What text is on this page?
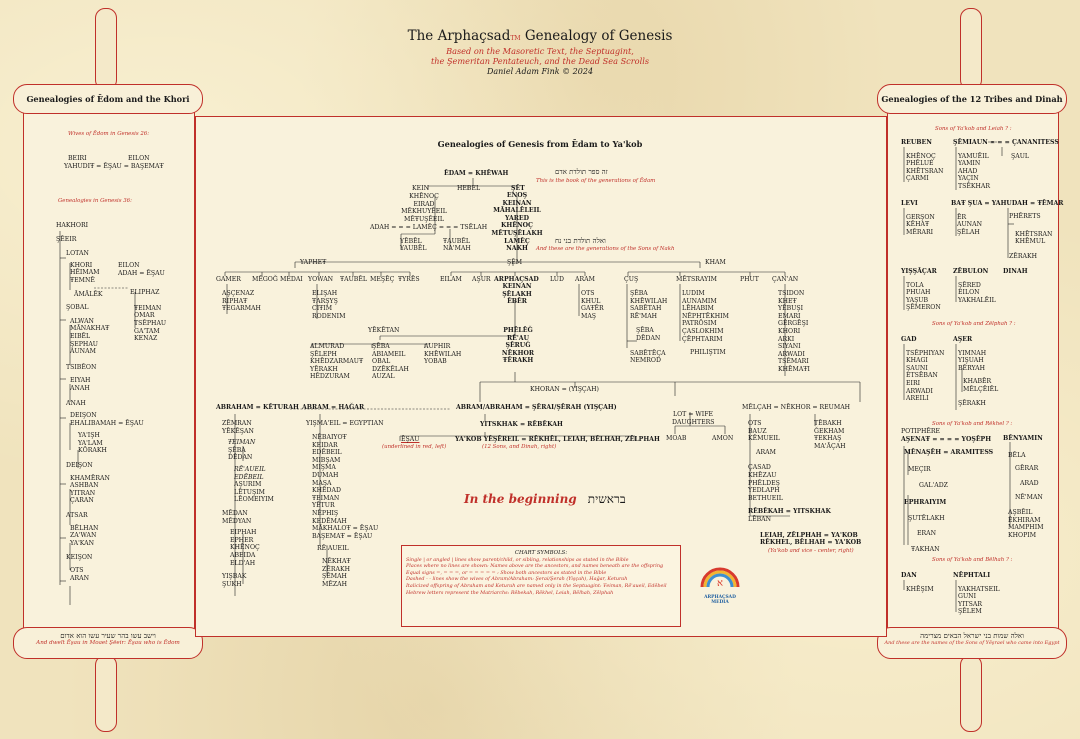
The ArphaçsadTM Genealogy of Genesis
Based on the Masoretic Text, the Septuagint,
the Şemeritan Pentateuch, and the Dead Sea Scrolls
Daniel Adam Fink © 2024
Genealogies of Ēdom and the Khori
וישב עשו בהר שעיר עשו הוא אדום
And dwelt Ēşau in Moaet Şēeir: Ēşau who is Ēdom
Wives of Ēdom in Genesis 26:
BEIRI	EILON
YAHUDIŦ = ĒŞAU = BAŞEMAŦ
Genealogies in Genesis 36:
HAKHORI
ŞĒEIR
LOTAN
KHORI
HĒIMAM
ŦEMNĒ
ĀMĀLĒK
ŞOBAL
ALWAN
MĀNAKHAŦ
EIBĒL
ŞEPHAU
AUNAM
TSIBĒON
EIYAH
ANAH
ANAH
DEIŞON
EHALIBAMAH = ĒŞAU
YA'IŞH
YA'LAM
KŌRAKH
DEIŞON
KHAMĒRAN
ASHBAN
YITRAN
ÇARAN
ATSAR
BĒLHAN
ZA'WAN
YA'KAN
KEIŞON
OTS
ARAN
EILON
ADAH = ĒŞAU
ELIPHAZ
ŦEIMAN
OMAR
TSĒPHAU
GA'TAM
KENAZ
Genealogies of the 12 Tribes and Dinah
ואלה שמות בני ישראל הבאים מצרימה
And these are the names of the Sons of Yēşrael who came into Egypt
Sons of Ya'kob and Leiah ? :
REUBEN
KHĒNOÇ
PHĒLUÉ
KHĒTSRAN
ÇARMI
ŞĒMIAUN = = = ÇANANITESS
YAMUĒIL
YAMIN
AHAD
YAÇIN
TSĒKHAR
ŞAUL
LEVI
GERŞON
KĒHAŦ
MĒRARI
BAŦ ŞUA = YAHUDAH = ŦĒMAR
ĒR
AUNAN
ŞĒLAH
PHĒRETS
KHĒTSRAN
KHĒMUL
ZĒRAKH
YIŞŞĀÇAR
TOLA
PHUAH
YAŞUB
ŞĒMERON
ZĒBULON
ŞĒRED
EILON
YAKHALĒIL
DINAH
Sons of Ya'kob and Zēlphah ? :
GAD
TSĒPHIYAN
KHAGI
ŞAUNI
ETSĒBAN
EIRI
ARWADI
AREILI
AŞER
YIMNAH
YIŞUAH
BĒRYAH
KHABĒR
MĒLÇĒIĒL
ŞĒRAKH
Sons of Ya'kob and Rēkhel ? :
POTIPHĒRE
AŞENAŦ = = = = YOŞĒPH
MĒNAŞĒH = ARAMITESS
MEÇIR
GAL'ADZ
EPHRAIYIM
ŞUTĒLAKH
ERAN
ŦAKHAN
BĒNYAMIN
BĒLA
GĒRAR
ARAD
NĒ'MAN
AŞBĒIL
ĒKHIRAM
MAMPHIM
KHOPIM
Sons of Ya'kob and Bēlhah ? :
DAN
KHĒŞIM
NĒPHTALI
YAKHATSEIL
GUNI
YITSAR
ŞĒLEM
Genealogies of Genesis from Ēdam to Ya'kob
ĒDAM = KHĒWAH	זה ספר תולדת אדם
This is the book of the generations of Ēdam
KEIN	HEBEL	ŞĒT
KHĒNOÇ
EIRAD
MĒKHUYĒEIL
MĒŦUŞĒEIL
ADAH = = = LAMĒÇ = = = TSĒLAH
YĒBĒL
YAUBĒL
ŦAUBĒL
NA'MAH
ENOŞ
KEINAN
MĀHALĒLEIL
YARED
KHĒNOÇ
MĒTUŞĒLAKH
LAMĒÇ
NAKH
ואלה תולדת בני נח
And these are the generations of the Sons of Nakh
YAPHEŦ	ŞĒM	KHAM
GAMER MĒGOĞ MEDAI YOWAN ŦAUBĒL MEŞĒÇ ŦYRĒS
AŞÇENAZ
RIPHAŦ
ŦEGARMAH
ELIŞAH
ŦARŞYŞ
CIŦIM
RODENIM
EILAM AŞUR ARPHAÇSAD LUD ARAM
KEINAN
ŞĒLAKH
ĒBĒR
OTS
KHUL
GAŦĒR
MAŞ
ÇUŞ	MĒTSRAYIM	PHUT ÇAN'AN
ŞĒBA
KHĒWILAH
SABĒTAH
RĒ'MAH
ŞĒBA
DĒDAN
SABĒTĒÇA
NEMROD
LUDIM
AUNAMIM
LĒHABIM
NĒPHTĒKHIM
PATRŌSIM
ÇASLOKHIM
ÇĒPHTARIM
PHILIŞTIM
TSIDON
KHEŦ
YĒBUŞI
EMARI
GĒRGĒŞI
KHORI
ARKI
SIYANI
ARWADI
TSĒMARI
KHĒMAŦI
YĒKĒTAN
ALMURAD
ŞĒLEPH
KHĒDZARMAUŦ
YĒRAKH
HĒDZURAM
ŞĒBA
ABIAMEIL
OBAL
DZĒKĒLAH
AUZAL
AUPHIR
KHĒWILAH
YOBAB
PHĒLĒĞ
RĒ'AU
ŞĒRUĞ
NĒKHOR
ŦĒRAKH
KHORAN = (YIŞÇAH)
ABRAHAM = KĒTURAH ABRAM = HAĞAR	ABRAM/ABRAHAM = ŞĒRAI/ŞĒRAH (YIŞÇAH)	MĒLÇAH = NĒKHOR = REUMAH
ZĒMRAN
YĒKĒŞAN
ŦEIMAN
ŞĒBA
DĒDAN
RĒ'AUEIL
EDĒBEIL
AŞURIM
LĒTUŞIM
LĒOMEIYIM
MĒDAN
MĒDYAN
EIPHAH
EPHER
KHĒNOÇ
ABEIDA
ELD'AH
YIŞBAK
ŞUKH
YIŞMA'EIL = EGYPTIAN
NĒBAIYOŦ
KEIDAR
EDĒBEIL
MIBŞAM
MIŞMA
DUMAH
MAŞA
KHĒDAD
ŦEIMAN
YĒTUR
NĒPHIŞ
KEDĒMAH
MĀKHALOŦ = ĒŞAU
BAŞEMAŦ = ĒŞAU
RĒ'AUEIL
NĒKHAŦ
ZĒRAKH
ŞĒMAH
MĒZAH
YITSKHAK = RĒBĒKAH
ĒŞAU	YA'KOB YĒŞĒREIL = RĒKHĒL, LEIAH, BĒLHAH, ZĒLPHAH
(underlined in red, left)	(12 Sons, and Dinah, right)
LOT = WIFE
DAUGHTERS
MOAB	AMON
OTS
BAUZ
KĒMUEIL
ARAM
ÇASAD
KHĒZAU
PHĒLDEŞ
YEDLAPH
BETHUEIL
RĒBĒKAH = YITSKHAK
LĒBAN
LEIAH, ZĒLPHAH = YA'KOB
RĒKHEL, BĒLHAH = YA'KOB
(Ya'kob and vice - center, right)
TĒBAKH
ĞEKHAM
ŦEKHAŞ
MA'ĀÇAH
In the beginning בראשית
CHART SYMBOLS:
Single | or angled | lines show parent/child, or sibling, relationships as stated in the Bible
Places where no lines are shown: Names above are the ancestors, and names beneath are the offspring
Equal signs =, = = =, or = = = = = : Show both ancestors as stated in the Bible
Dashed - - lines show the wives of Abram/Abraham: Şerai/Şerah (Yişçah), Hağar, Keturah
Italicized offspring of Abraham and Keturah are named only in the Septuagint: Ŧeiman, Rē'aueil, Edēbeil
Hebrew letters represent the Matriarchs: Rēbekah, Rēkhel, Leiah, Bēlhah, Zēlphah
א
ARPHAÇSAD
MEDIA
